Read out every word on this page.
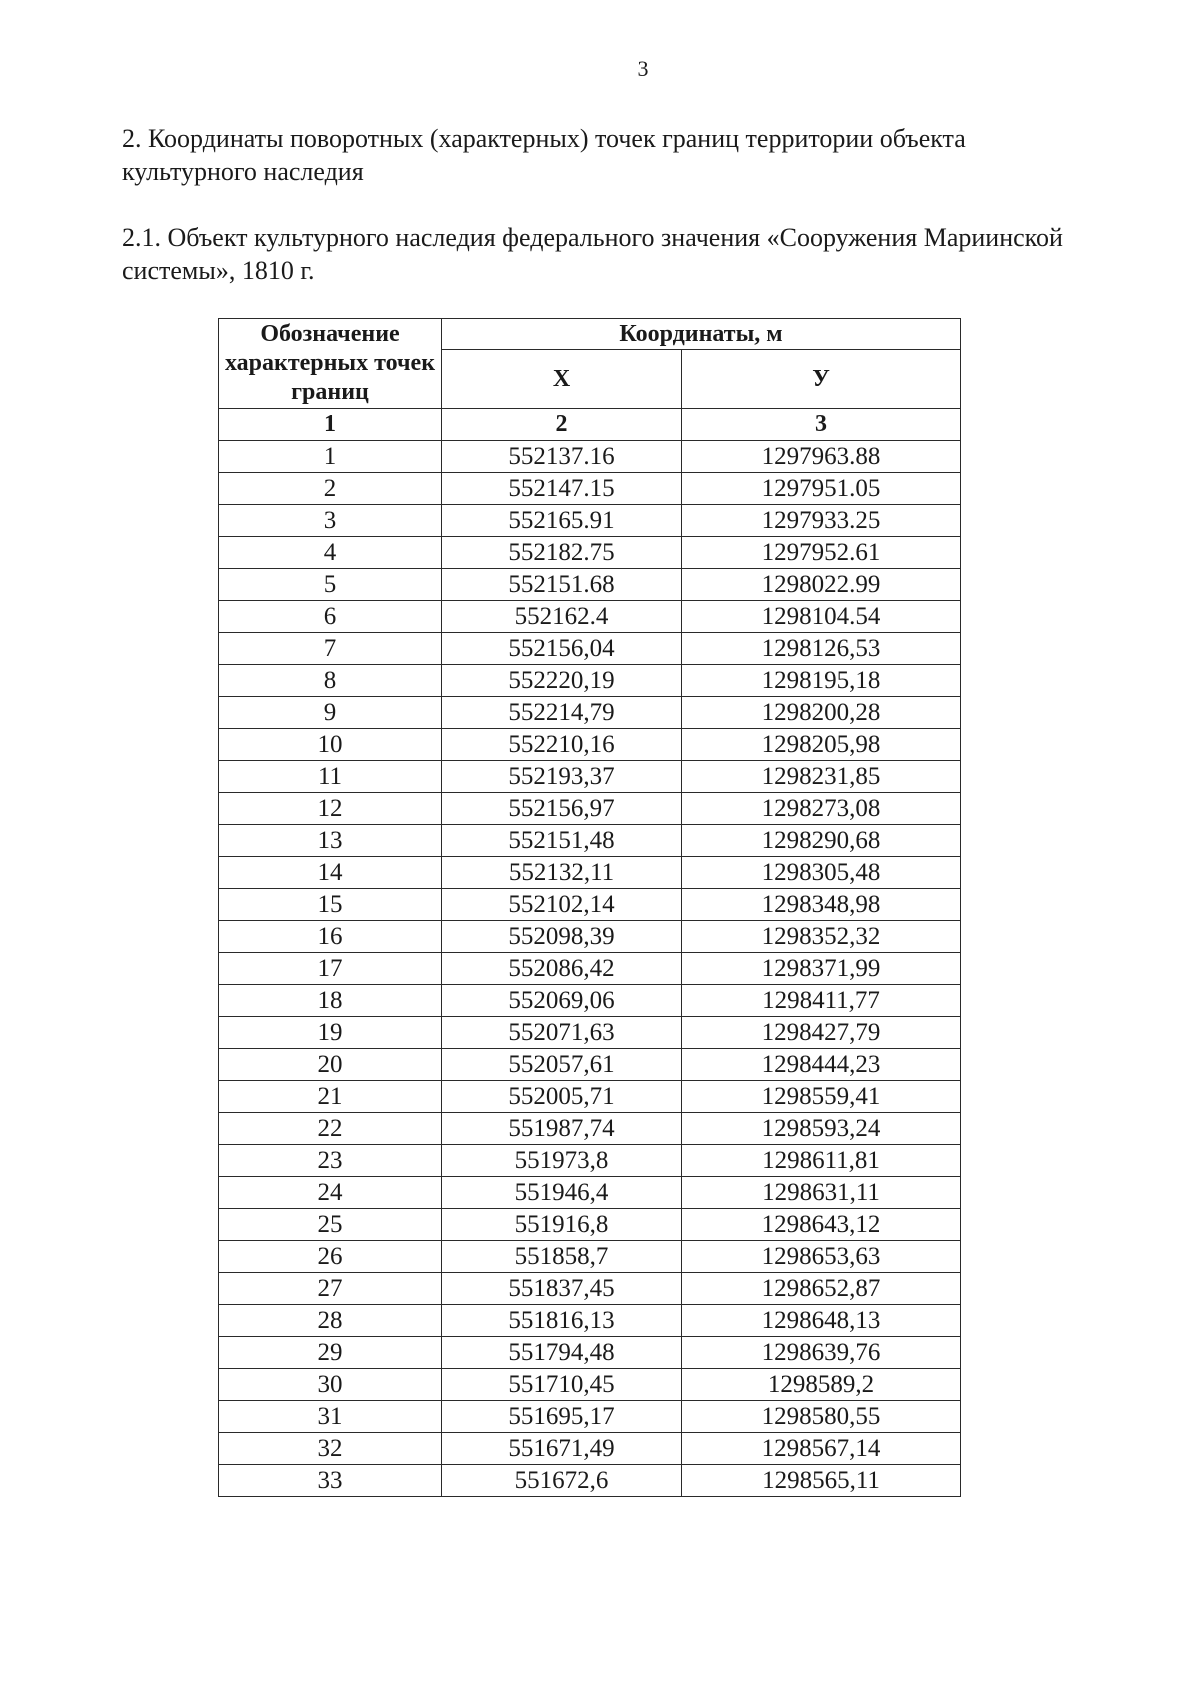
3
2. Координаты поворотных (характерных) точек границ территории объекта культурного наследия
2.1. Объект культурного наследия федерального значения «Сооружения Мариинской системы», 1810 г.
Обозначение характерных точек границ	Координаты, м	
	X	У
1	2	3
1	552137.16	1297963.88
2	552147.15	1297951.05
3	552165.91	1297933.25
4	552182.75	1297952.61
5	552151.68	1298022.99
6	552162.4	1298104.54
7	552156,04	1298126,53
8	552220,19	1298195,18
9	552214,79	1298200,28
10	552210,16	1298205,98
11	552193,37	1298231,85
12	552156,97	1298273,08
13	552151,48	1298290,68
14	552132,11	1298305,48
15	552102,14	1298348,98
16	552098,39	1298352,32
17	552086,42	1298371,99
18	552069,06	1298411,77
19	552071,63	1298427,79
20	552057,61	1298444,23
21	552005,71	1298559,41
22	551987,74	1298593,24
23	551973,8	1298611,81
24	551946,4	1298631,11
25	551916,8	1298643,12
26	551858,7	1298653,63
27	551837,45	1298652,87
28	551816,13	1298648,13
29	551794,48	1298639,76
30	551710,45	1298589,2
31	551695,17	1298580,55
32	551671,49	1298567,14
33	551672,6	1298565,11
